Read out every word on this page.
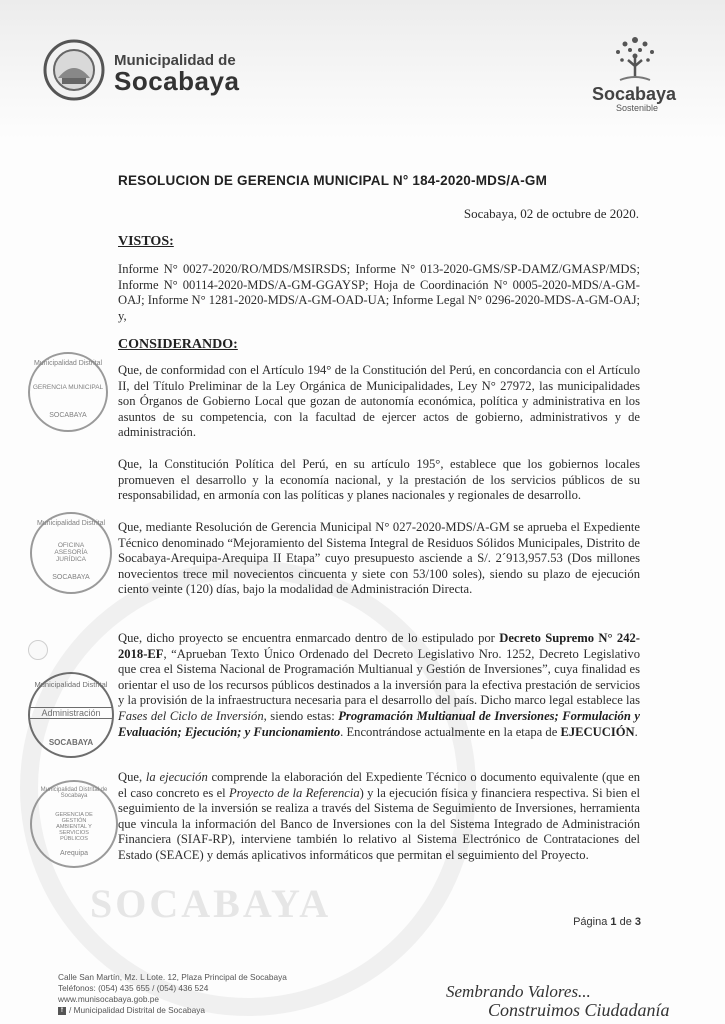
SOCABAYA
Municipalidad de
Socabaya	Socabaya
Sostenible
RESOLUCION DE GERENCIA MUNICIPAL N° 184-2020-MDS/A-GM
Socabaya, 02 de octubre de 2020.
VISTOS:
Informe N° 0027-2020/RO/MDS/MSIRSDS; Informe N° 013-2020-GMS/SP-DAMZ/GMASP/MDS; Informe N° 00114-2020-MDS/A-GM-GGAYSP; Hoja de Coordinación N° 0005-2020-MDS/A-GM-OAJ; Informe N° 1281-2020-MDS/A-GM-OAD-UA; Informe Legal N° 0296-2020-MDS-A-GM-OAJ; y,
CONSIDERANDO:
Que, de conformidad con el Artículo 194° de la Constitución del Perú, en concordancia con el Artículo II, del Título Preliminar de la Ley Orgánica de Municipalidades, Ley N° 27972, las municipalidades son Órganos de Gobierno Local que gozan de autonomía económica, política y administrativa en los asuntos de su competencia, con la facultad de ejercer actos de gobierno, administrativos y de administración.
Que, la Constitución Política del Perú, en su artículo 195°, establece que los gobiernos locales promueven el desarrollo y la economía nacional, y la prestación de los servicios públicos de su responsabilidad, en armonía con las políticas y planes nacionales y regionales de desarrollo.
Que, mediante Resolución de Gerencia Municipal N° 027-2020-MDS/A-GM se aprueba el Expediente Técnico denominado “Mejoramiento del Sistema Integral de Residuos Sólidos Municipales, Distrito de Socabaya-Arequipa-Arequipa II Etapa” cuyo presupuesto asciende a S/. 2´913,957.53 (Dos millones novecientos trece mil novecientos cincuenta y siete con 53/100 soles), siendo su plazo de ejecución ciento veinte (120) días, bajo la modalidad de Administración Directa.
Que, dicho proyecto se encuentra enmarcado dentro de lo estipulado por Decreto Supremo N° 242-2018-EF, “Aprueban Texto Único Ordenado del Decreto Legislativo Nro. 1252, Decreto Legislativo que crea el Sistema Nacional de Programación Multianual y Gestión de Inversiones”, cuya finalidad es orientar el uso de los recursos públicos destinados a la inversión para la efectiva prestación de servicios y la provisión de la infraestructura necesaria para el desarrollo del país. Dicho marco legal establece las Fases del Ciclo de Inversión, siendo estas: Programación Multianual de Inversiones; Formulación y Evaluación; Ejecución; y Funcionamiento. Encontrándose actualmente en la etapa de EJECUCIÓN.
Que, la ejecución comprende la elaboración del Expediente Técnico o documento equivalente (que en el caso concreto es el Proyecto de la Referencia) y la ejecución física y financiera respectiva. Si bien el seguimiento de la inversión se realiza a través del Sistema de Seguimiento de Inversiones, herramienta que vincula la información del Banco de Inversiones con la del Sistema Integrado de Administración Financiera (SIAF-RP), interviene también lo relativo al Sistema Electrónico de Contrataciones del Estado (SEACE) y demás aplicativos informáticos que permitan el seguimiento del Proyecto.
Municipalidad Distrital
GERENCIA MUNICIPAL
SOCABAYA
Municipalidad Distrital
OFICINA ASESORÍA JURÍDICA
SOCABAYA
Municipalidad Distrital
Administración
SOCABAYA
Municipalidad Distrital de Socabaya
GERENCIA DE GESTIÓN AMBIENTAL Y SERVICIOS PÚBLICOS
Arequipa
Página 1 de 3
Calle San Martín, Mz. L Lote. 12, Plaza Principal de Socabaya
Teléfonos: (054) 435 655 / (054) 436 524
www.munisocabaya.gob.pe
f / Municipalidad Distrital de Socabaya
Sembrando Valores...
Construimos Ciudadanía
